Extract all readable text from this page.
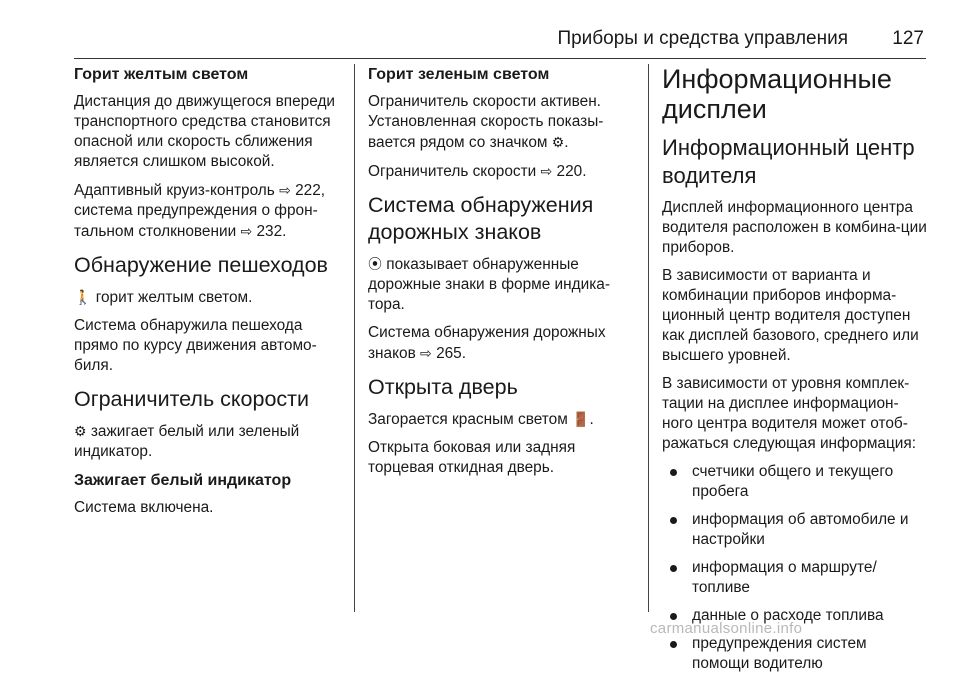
Приборы и средства управления 127
Горит желтым светом

Дистанция до движущегося впереди транспортного средства становится опасной или скорость сближения является слишком высокой.

Адаптивный круиз-контроль ⇨ 222, система предупреждения о фрон-тальном столкновении ⇨ 232.

Обнаружение пешеходов

🚶 горит желтым светом.

Система обнаружила пешехода прямо по курсу движения автомо-биля.

Ограничитель скорости

⚙ зажигает белый или зеленый индикатор.

Зажигает белый индикатор

Система включена.

Горит зеленым светом

Ограничитель скорости активен. Установленная скорость показы-вается рядом со значком ⚙.

Ограничитель скорости ⇨ 220.

Система обнаружения дорожных знаков

⦿ показывает обнаруженные дорожные знаки в форме индика-тора.

Система обнаружения дорожных знаков ⇨ 265.

Открыта дверь

Загорается красным светом 🚪.

Открыта боковая или задняя торцевая откидная дверь.

Информационные дисплеи
Информационный центр водителя

Дисплей информационного центра водителя расположен в комбина-ции приборов.

В зависимости от варианта и комбинации приборов информа-ционный центр водителя доступен как дисплей базового, среднего или высшего уровней.

В зависимости от уровня комплек-тации на дисплее информацион-ного центра водителя может отоб-ражаться следующая информация:

счетчики общего и текущего пробега
информация об автомобиле и настройки
информация о маршруте/ топливе
данные о расходе топлива
предупреждения систем помощи водителю
carmanualsonline.info
